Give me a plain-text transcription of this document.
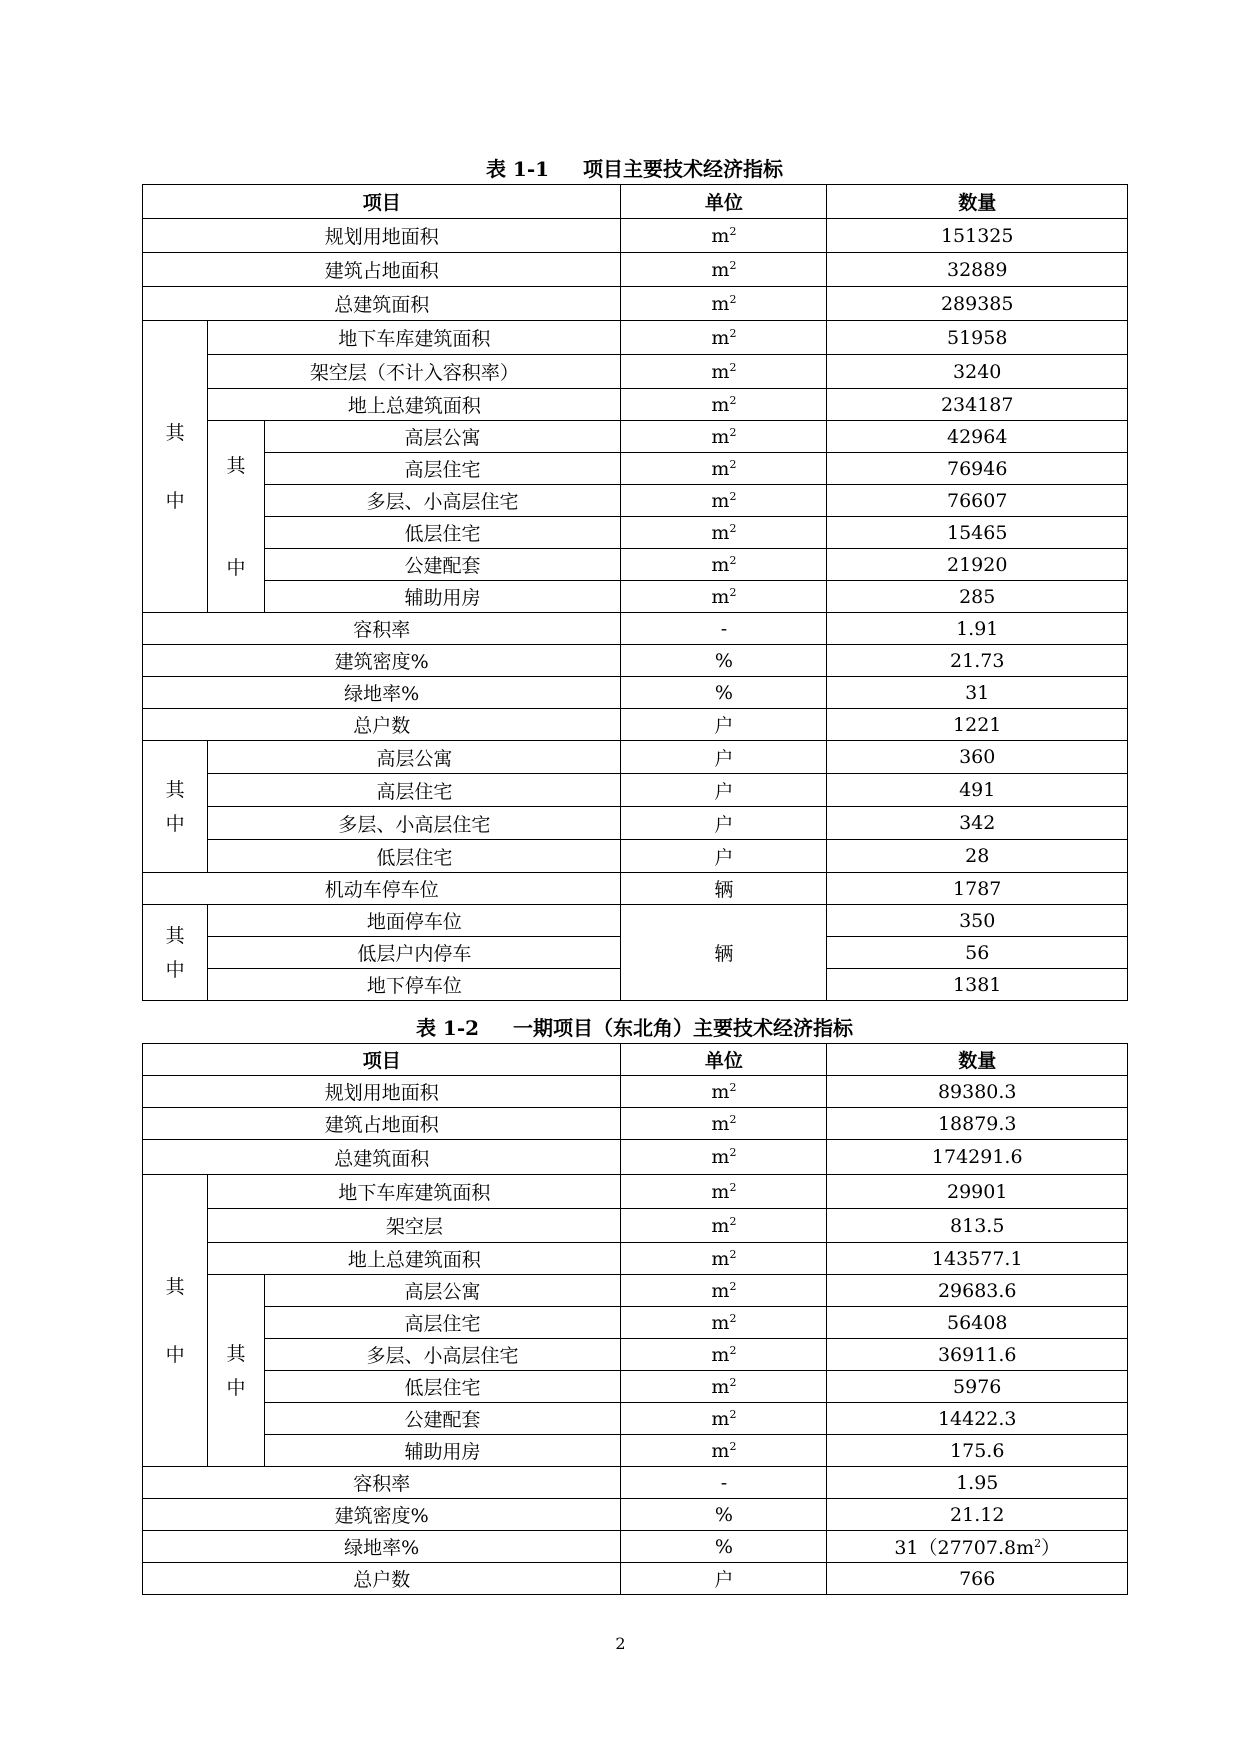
表 1-1 项目主要技术经济指标
项目			单位	数量
规划用地面积			$m^2$	151325
建筑占地面积			$m^2$	32889
总建筑面积			$m^2$	289385
其

中	地下车库建筑面积		$m^2$	51958
	架空层（不计入容积率）		$m^2$	3240
	地上总建筑面积		$m^2$	234187
	其

中	高层公寓	$m^2$	42964
		高层住宅	$m^2$	76946
		多层、小高层住宅	$m^2$	76607
		低层住宅	$m^2$	15465
		公建配套	$m^2$	21920
		辅助用房	$m^2$	285
容积率			-	1.91
建筑密度%			%	21.73
绿地率%			%	31
总户数			户	1221
其
中	高层公寓		户	360
	高层住宅		户	491
	多层、小高层住宅		户	342
	低层住宅		户	28
机动车停车位			辆	1787
其
中	地面停车位		辆	350
	低层户内停车			56
	地下停车位			1381
表 1-2 一期项目（东北角）主要技术经济指标
项目			单位	数量
规划用地面积			$m^2$	89380.3
建筑占地面积			$m^2$	18879.3
总建筑面积			$m^2$	174291.6
其

中	地下车库建筑面积		$m^2$	29901
	架空层		$m^2$	813.5
	地上总建筑面积		$m^2$	143577.1
	其
中	高层公寓	$m^2$	29683.6
		高层住宅	$m^2$	56408
		多层、小高层住宅	$m^2$	36911.6
		低层住宅	$m^2$	5976
		公建配套	$m^2$	14422.3
		辅助用房	$m^2$	175.6
容积率			-	1.95
建筑密度%			%	21.12
绿地率%			%	$31(27707.8m^2)$
总户数			户	766
2
